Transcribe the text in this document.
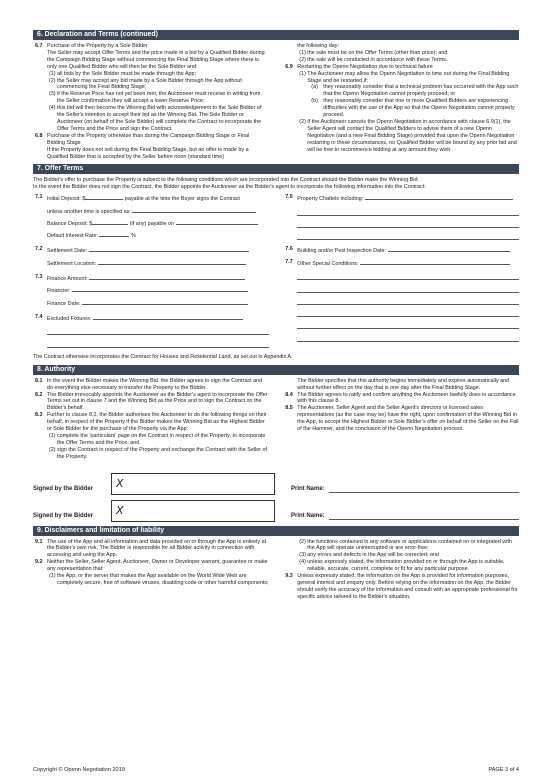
6. Declaration and Terms (continued)
6.7 Purchase of the Property by a Sole Bidder

The Seller may accept Offer Terms and the price made in a bid by a Qualified Bidder during the Campaign Bidding Stage without commencing the Final Bidding Stage where there is only one Qualified Bidder who will then be the Sole Bidder and:

(1) all bids by the Sole Bidder must be made through the App;

(2) the Seller may accept any bid made by a Sole Bidder through the App without commencing the Final Bidding Stage;

(3) if the Reserve Price has not yet been met, the Auctioneer must receive in writing from the Seller confirmation they will accept a lower Reserve Price;

(4) this bid will then become the Winning Bid with acknowledgement to the Sole Bidder of the Seller's intention to accept their bid as the Winning Bid. The Sole Bidder or Auctioneer (on behalf of the Sole Bidder) will complete the Contract to incorporate the Offer Terms and the Price and sign the Contract.

6.8 Purchase of the Property otherwise than during the Campaign Bidding Stage or Final Bidding Stage

If the Property does not sell during the Final Bidding Stage, but an offer is made by a Qualified Bidder that is accepted by the Seller before noon (standard time)

the following day:

(1) the sale must be on the Offer Terms (other than price); and

(2) the sale will be conducted in accordance with these Terms.

6.9 Restarting the Openn Negotiation due to technical failure

(1) The Auctioneer may allow the Openn Negotiation to time out during the Final Bidding Stage and be restarted if;

(a) they reasonably consider that a technical problem has occurred with the App such that the Openn Negotiation cannot properly proceed; or

(b) they reasonably consider that one or more Qualified Bidders are experiencing difficulties with the use of the App so that the Openn Negotiation cannot properly proceed.

(2) If the Auctioneer cancels the Openn Negotiation in accordance with clause 6.9(1), the Seller Agent will contact the Qualified Bidders to advise them of a new Openn Negotiation (and a new Final Bidding Stage) provided that upon the Openn Negotiation restarting in these circumstances, no Qualified Bidder will be bound by any prior bid and will be free to recommence bidding at any amount they wish.

7. Offer Terms

The Bidder's offer to purchase the Property is subject to the following conditions which are incorporated into the Contract should the Bidder make the Winning Bid.

In the event the Bidder does not sign the Contract, the Bidder appoints the Auctioneer as the Bidder's agent to incorporate the following information into the Contract:

7.1 Initial Deposit: $	payable at the time the Buyer signs the Contract
unless another time is specified as:
Balance Deposit: $	(if any) payable on
Default Interest Rate:	%
7.2 Settlement Date:
Settlement Location:
7.3 Finance Amount:
Financier:
Finance Date:
7.4 Excluded Fixtures:
7.5 Property Chattels including:
7.6 Building and/or Pest Inspection Date:
7.7 Other Special Conditions:

The Contract otherwise incorporates the Contract for Houses and Residential Land, as set out in Appendix A.

8. Authority
8.1 In the event the Bidder makes the Winning Bid, the Bidder agrees to sign the Contract and do everything else necessary to transfer the Property to the Bidder.

8.2 The Bidder irrevocably appoints the Auctioneer as the Bidder's agent to incorporate the Offer Terms set out in clause 7 and the Winning Bid as the Price and to sign the Contract on the Bidder's behalf.

8.3 Further to clause 8.2, the Bidder authorises the Auctioneer to do the following things on their behalf, in respect of the Property if the Bidder makes the Winning Bid as the Highest Bidder or Sole Bidder for the purchase of the Property via the App:

(1) complete the 'particulars' page on the Contract in respect of the Property, to incorporate the Offer Terms and the Price; and

(2) sign the Contract in respect of the Property and exchange the Contract with the Seller of the Property.

The Bidder specifies that this authority begins immediately and expires automatically and without further effect on the day that is one day after the Final Bidding Stage.

8.4 The Bidder agrees to ratify and confirm anything the Auctioneer lawfully does in accordance with this clause 8.

8.5 The Auctioneer, Seller Agent and the Seller Agent's directors or licensed sales representatives (as the case may be) have the right, upon confirmation of the Winning Bid in the App, to accept the Highest Bidder or Sole Bidder's offer on behalf of the Seller on the Fall of the Hammer, and the conclusion of the Openn Negotiation process.

Signed by the Bidder	X	Print Name:
Signed by the Bidder	X	Print Name:
9. Disclaimers and limitation of liability
9.1 The use of the App and all information and data provided on or through the App is entirely at the Bidder's own risk. The Bidder is responsible for all Bidder activity in connection with accessing and using the App.

9.2 Neither the Seller, Seller Agent, Auctioneer, Owner or Developer warrant, guarantee or make any representation that:

(1) the App, or the server that makes the App available on the World Wide Web are completely secure, free of software viruses, disabling code or other harmful components;

(2) the functions contained in any software or applications contained on or integrated with the App will operate uninterrupted or are error-free;

(3) any errors and defects in the App will be corrected; and

(4) unless expressly stated, the information provided on or through the App is suitable, reliable, accurate, current, complete or fit for any particular purpose.

9.3 Unless expressly stated, the information on the App is provided for information purposes, general interest and enquiry only. Before relying on the information on the App, the Bidder should verify the accuracy of the information and consult with an appropriate professional for specific advice tailored to the Bidder's situation.

Copyright © Openn Negotiation 2019	PAGE 3 of 4
